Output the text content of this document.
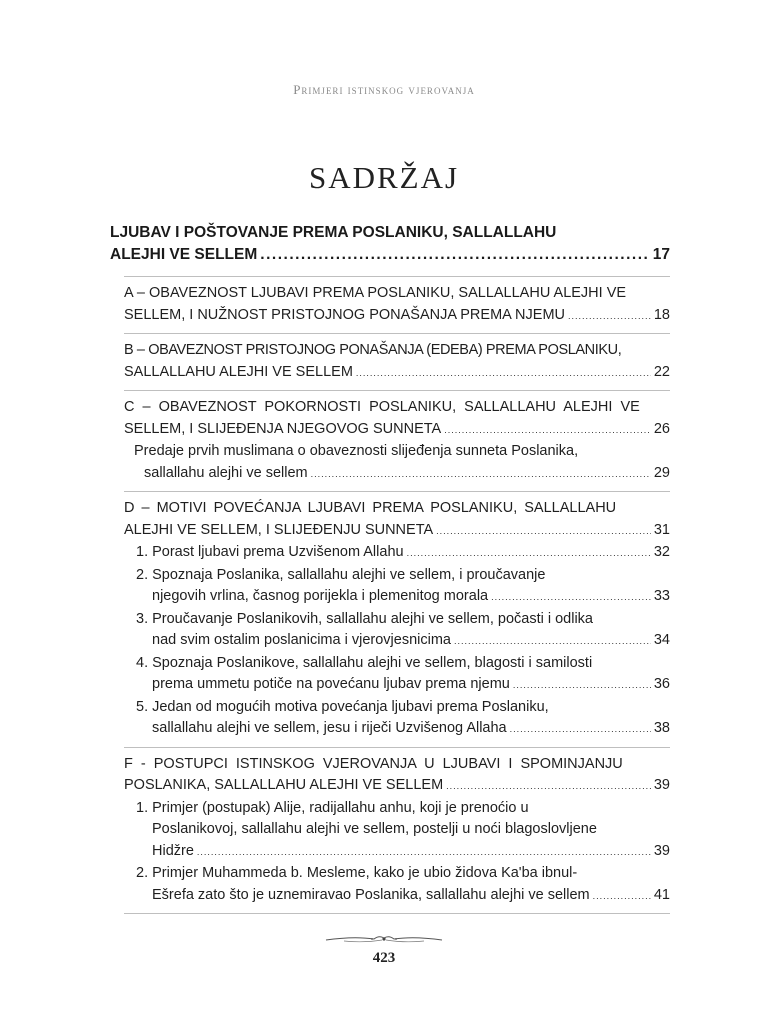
Primjeri istinskog vjerovanja
SADRŽAJ
LJUBAV I POŠTOVANJE PREMA POSLANIKU, SALLALLAHU
ALEJHI VE SELLEM .....	17
A – OBAVEZNOST LJUBAVI PREMA POSLANIKU, SALLALLAHU ALEJHI VE
SELLEM, I NUŽNOST PRISTOJNOG PONAŠANJA PREMA NJEMU .....	18
B – OBAVEZNOST PRISTOJNOG PONAŠANJA (EDEBA) PREMA POSLANIKU,
SALLALLAHU ALEJHI VE SELLEM .....	22
C – OBAVEZNOST POKORNOSTI POSLANIKU, SALLALLAHU ALEJHI VE
SELLEM, I SLIJEĐENJA NJEGOVOG SUNNETA .....	26
Predaje prvih muslimana o obaveznosti slijeđenja sunneta Poslanika,
sallallahu alejhi ve sellem .....	29
D – MOTIVI POVEĆANJA LJUBAVI PREMA POSLANIKU, SALLALLAHU
ALEJHI VE SELLEM, I SLIJEĐENJU SUNNETA .....	31
1. Porast ljubavi prema Uzvišenom Allahu .....	32
2. Spoznaja Poslanika, sallallahu alejhi ve sellem, i proučavanje
njegovih vrlina, časnog porijekla i plemenitog morala .....	33
3. Proučavanje Poslanikovih, sallallahu alejhi ve sellem, počasti i odlika
nad svim ostalim poslanicima i vjerovjesnicima .....	34
4. Spoznaja Poslanikove, sallallahu alejhi ve sellem, blagosti i samilosti
prema ummetu potiče na povećanu ljubav prema njemu .....	36
5. Jedan od mogućih motiva povećanja ljubavi prema Poslaniku,
sallallahu alejhi ve sellem, jesu i riječi Uzvišenog Allaha .....	38
F - POSTUPCI ISTINSKOG VJEROVANJA U LJUBAVI I SPOMINJANJU
POSLANIKA, SALLALLAHU ALEJHI VE SELLEM .....	39
1. Primjer (postupak) Alije, radijallahu anhu, koji je prenoćio u
Poslanikovoj, sallallahu alejhi ve sellem, postelji u noći blagoslovljene
Hidžre .....	39
2. Primjer Muhammeda b. Mesleme, kako je ubio židova Ka'ba ibnul-
Ešrefa zato što je uznemiravao Poslanika, sallallahu alejhi ve sellem .....	41
423
